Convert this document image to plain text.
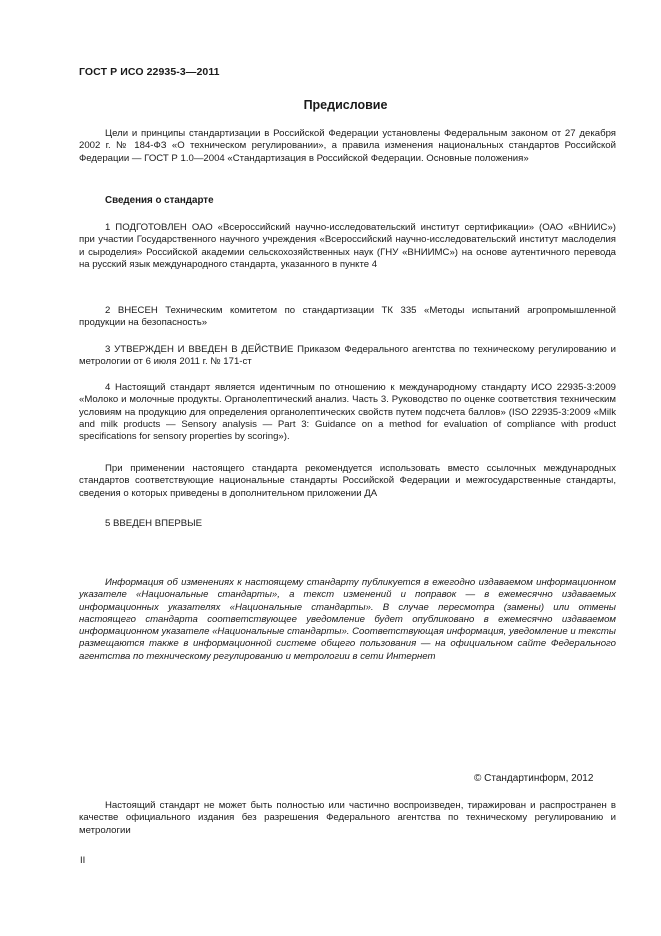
ГОСТ Р ИСО 22935-3—2011
Предисловие
Цели и принципы стандартизации в Российской Федерации установлены Федеральным законом от 27 декабря 2002 г. № 184-ФЗ «О техническом регулировании», а правила изменения национальных стандартов Российской Федерации — ГОСТ Р 1.0—2004 «Стандартизация в Российской Федерации. Основные положения»
Сведения о стандарте
1 ПОДГОТОВЛЕН ОАО «Всероссийский научно-исследовательский институт сертификации» (ОАО «ВНИИС») при участии Государственного научного учреждения «Всероссийский научно-исследовательский институт маслоделия и сыроделия» Российской академии сельскохозяйственных наук (ГНУ «ВНИИМС») на основе аутентичного перевода на русский язык международного стандарта, указанного в пункте 4
2 ВНЕСЕН Техническим комитетом по стандартизации ТК 335 «Методы испытаний агропромышленной продукции на безопасность»
3 УТВЕРЖДЕН И ВВЕДЕН В ДЕЙСТВИЕ Приказом Федерального агентства по техническому регулированию и метрологии от 6 июля 2011 г. № 171-ст
4 Настоящий стандарт является идентичным по отношению к международному стандарту ИСО 22935-3:2009 «Молоко и молочные продукты. Органолептический анализ. Часть 3. Руководство по оценке соответствия техническим условиям на продукцию для определения органолептических свойств путем подсчета баллов» (ISO 22935-3:2009 «Milk and milk products — Sensory analysis — Part 3: Guidance on a method for evaluation of compliance with product specifications for sensory properties by scoring»).
При применении настоящего стандарта рекомендуется использовать вместо ссылочных международных стандартов соответствующие национальные стандарты Российской Федерации и межгосударственные стандарты, сведения о которых приведены в дополнительном приложении ДА
5 ВВЕДЕН ВПЕРВЫЕ
Информация об изменениях к настоящему стандарту публикуется в ежегодно издаваемом информационном указателе «Национальные стандарты», а текст изменений и поправок — в ежемесячно издаваемых информационных указателях «Национальные стандарты». В случае пересмотра (замены) или отмены настоящего стандарта соответствующее уведомление будет опубликовано в ежемесячно издаваемом информационном указателе «Национальные стандарты». Соответствующая информация, уведомление и тексты размещаются также в информационной системе общего пользования — на официальном сайте Федерального агентства по техническому регулированию и метрологии в сети Интернет
© Стандартинформ, 2012
Настоящий стандарт не может быть полностью или частично воспроизведен, тиражирован и распространен в качестве официального издания без разрешения Федерального агентства по техническому регулированию и метрологии
II
